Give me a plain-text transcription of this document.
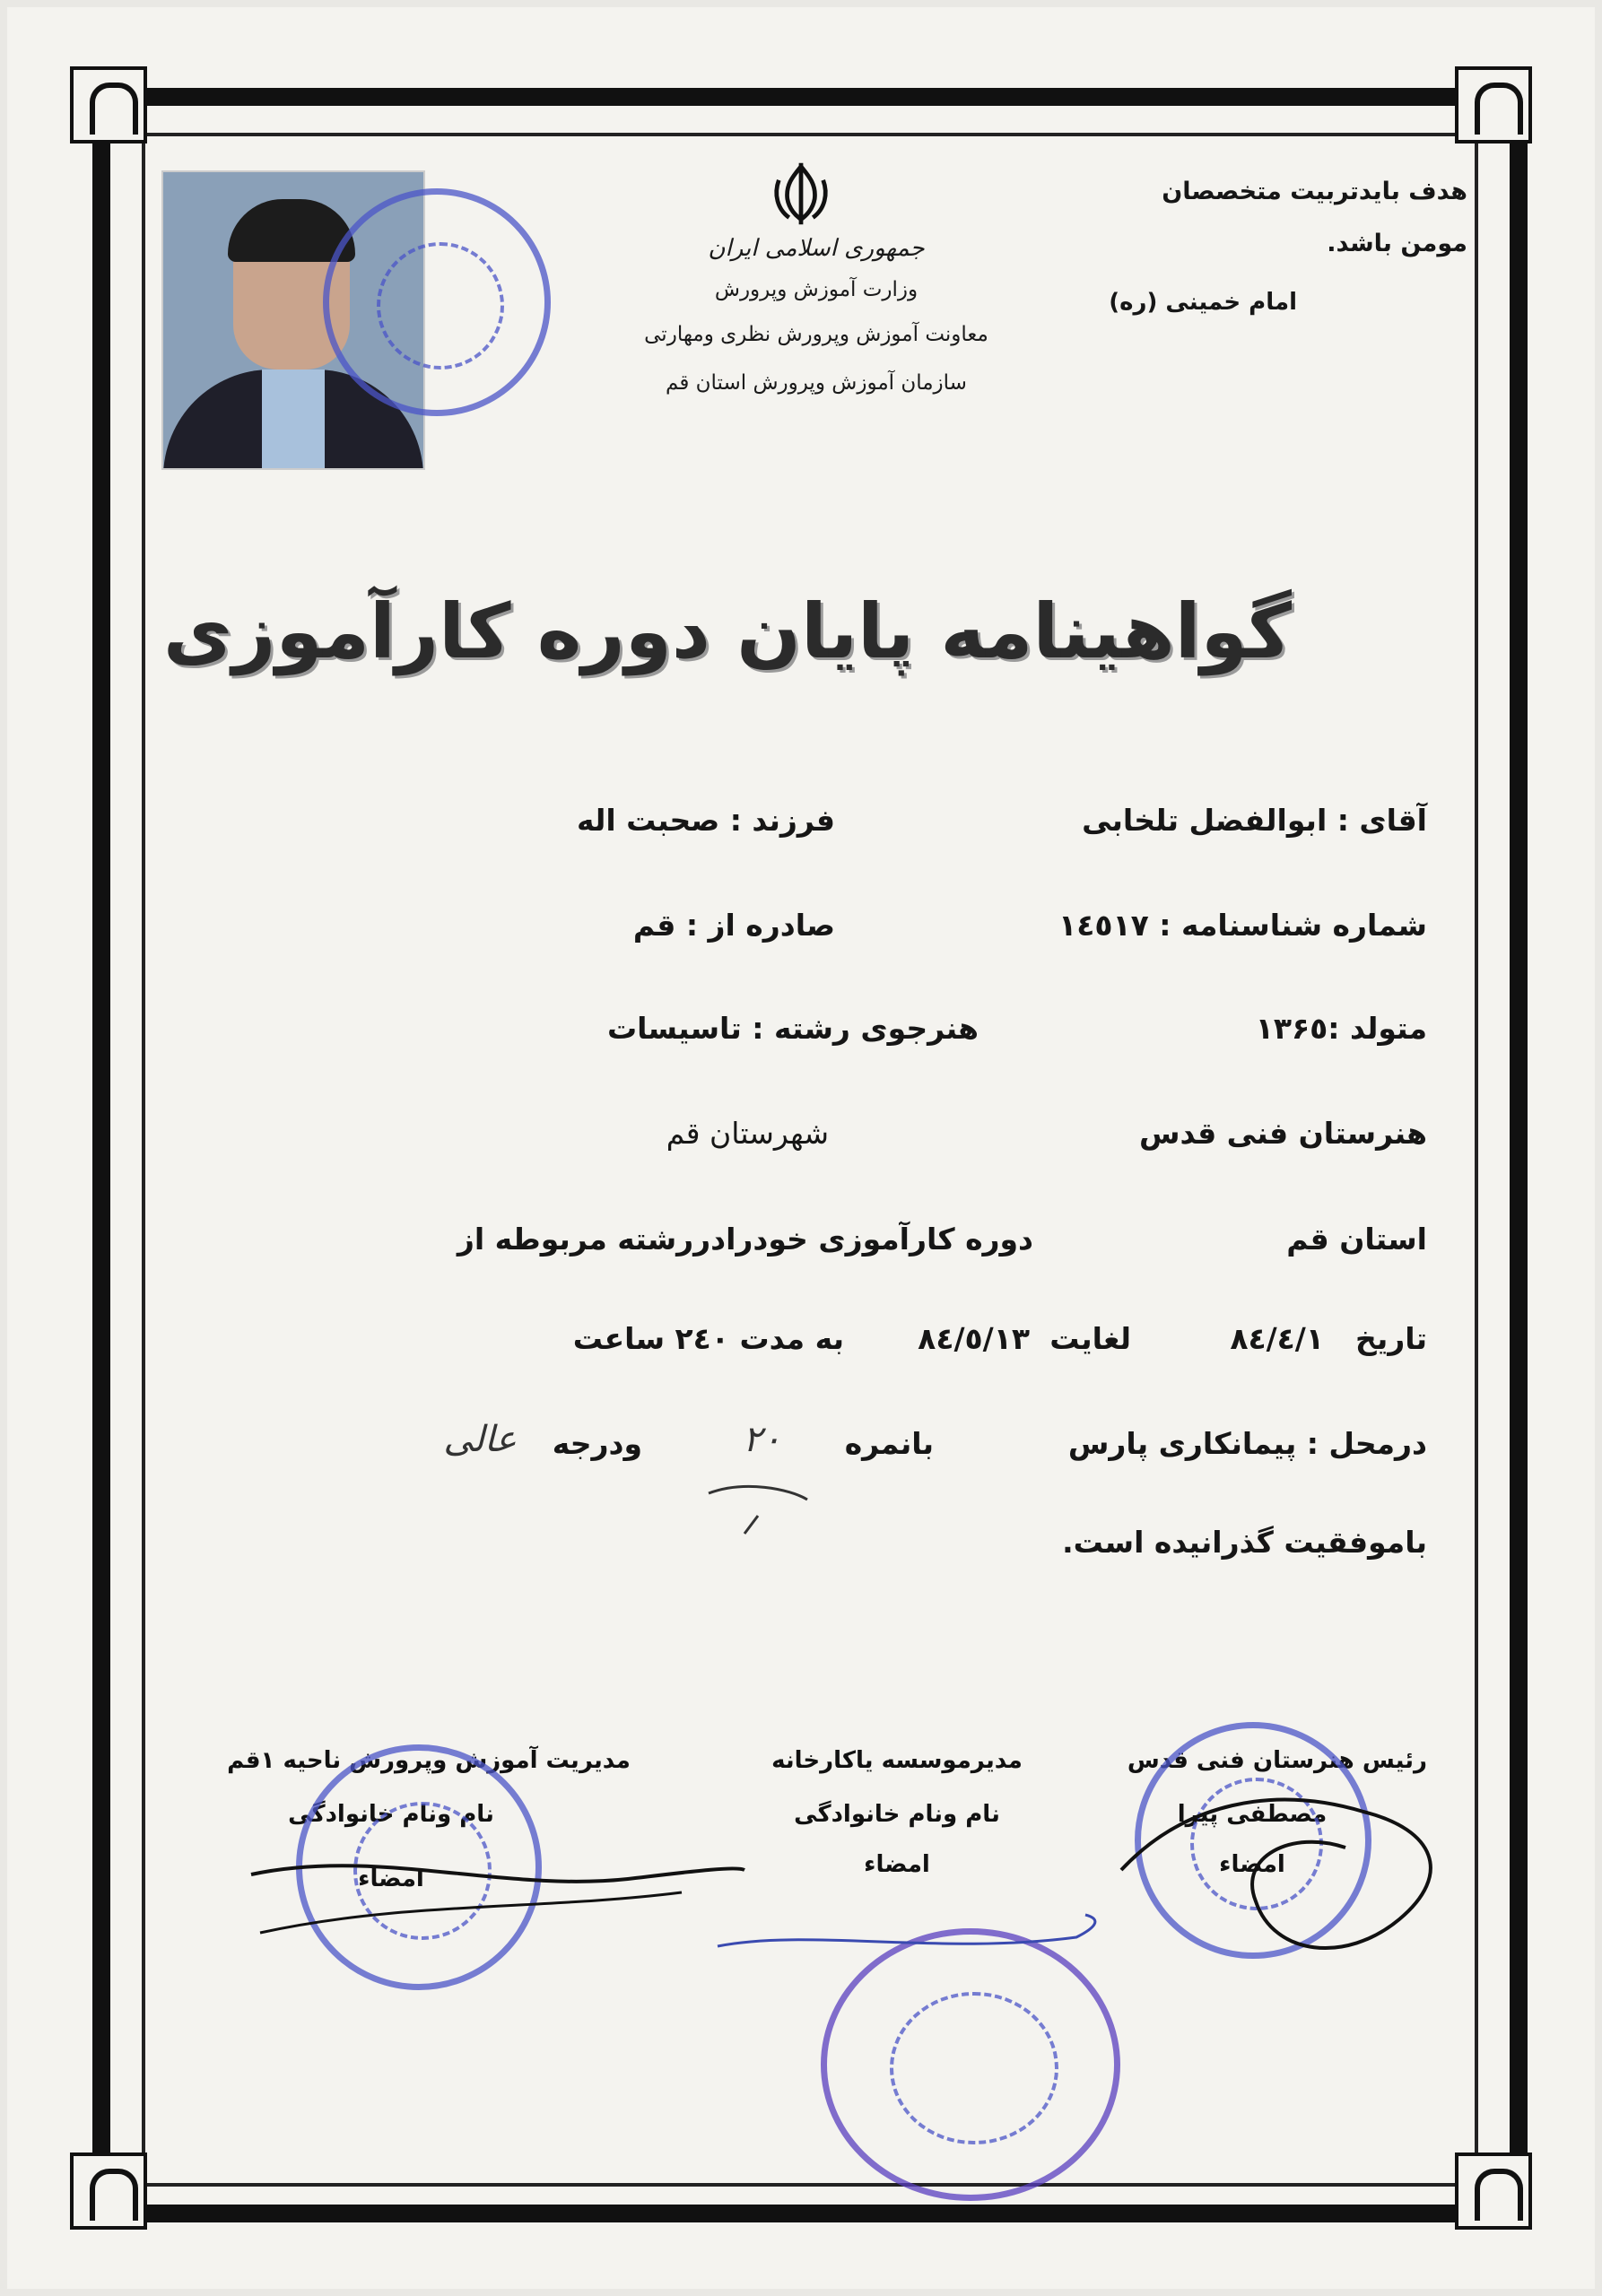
هدف بایدتربیت متخصصان
مومن باشد.
امام خمینی (ره)
جمهوری اسلامی ایران
وزارت آموزش وپرورش
معاونت آموزش وپرورش نظری ومهارتی
سازمان آموزش وپرورش استان قم
گواهینامه پایان دوره کارآموزی
آقای : ابوالفضل تلخابی
فرزند : صحبت اله
شماره شناسنامه : ١٤٥١٧
صادره از : قم
متولد :١٣۶٥
هنرجوی رشته : تاسیسات
هنرستان فنی قدس
شهرستان قم
استان قم
دوره کارآموزی خودرادررشته مربوطه از
تاریخ
٨٤/٤/١
لغایت
٨٤/٥/١٣
به مدت ٢٤٠ ساعت
درمحل : پیمانکاری پارس
بانمره
٢٠
ودرجه
عالی
باموفقیت گذرانیده است.
رئیس هنرستان فنی قدس
مصطفی پیرا
امضاء
مدیرموسسه یاکارخانه
نام ونام خانوادگی
امضاء
مدیریت آموزش وپرورش ناحیه ١قم
نام ونام خانوادگی
امضاء
